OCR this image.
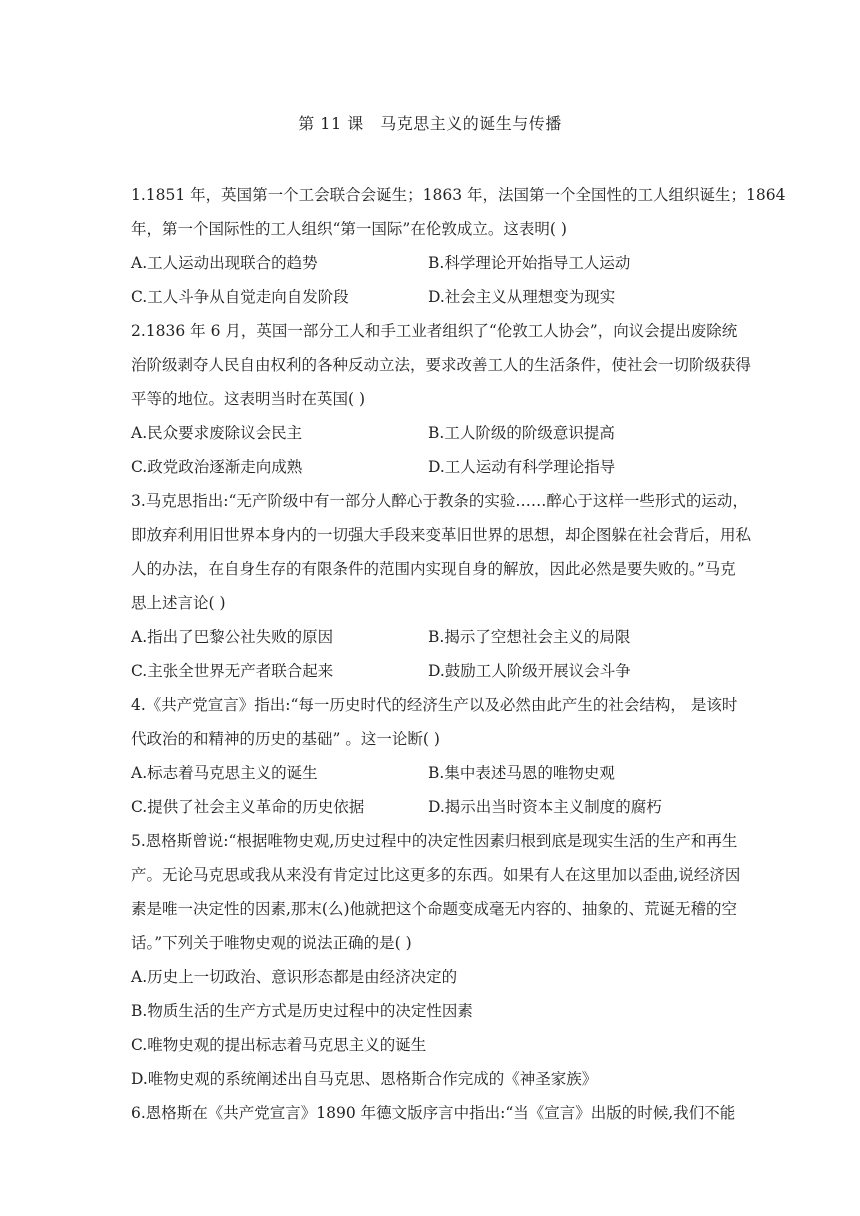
第 11 课　马克思主义的诞生与传播
1.1851 年，英国第一个工会联合会诞生；1863 年，法国第一个全国性的工人组织诞生；1864
年，第一个国际性的工人组织“第一国际”在伦敦成立。这表明( )
A.工人运动出现联合的趋势	B.科学理论开始指导工人运动
C.工人斗争从自觉走向自发阶段	D.社会主义从理想变为现实
2.1836 年 6 月，英国一部分工人和手工业者组织了“伦敦工人协会”，向议会提出废除统
治阶级剥夺人民自由权利的各种反动立法，要求改善工人的生活条件，使社会一切阶级获得
平等的地位。这表明当时在英国( )
A.民众要求废除议会民主	B.工人阶级的阶级意识提高
C.政党政治逐渐走向成熟	D.工人运动有科学理论指导
3.马克思指出:“无产阶级中有一部分人醉心于教条的实验……醉心于这样一些形式的运动，
即放弃利用旧世界本身内的一切强大手段来变革旧世界的思想，却企图躲在社会背后，用私
人的办法，在自身生存的有限条件的范围内实现自身的解放，因此必然是要失败的。”马克
思上述言论( )
A.指出了巴黎公社失败的原因	B.揭示了空想社会主义的局限
C.主张全世界无产者联合起来	D.鼓励工人阶级开展议会斗争
4.《共产党宣言》指出:“每一历史时代的经济生产以及必然由此产生的社会结构， 是该时
代政治的和精神的历史的基础” 。这一论断( )
A.标志着马克思主义的诞生	B.集中表述马恩的唯物史观
C.提供了社会主义革命的历史依据	D.揭示出当时资本主义制度的腐朽
5.恩格斯曾说:“根据唯物史观,历史过程中的决定性因素归根到底是现实生活的生产和再生
产。无论马克思或我从来没有肯定过比这更多的东西。如果有人在这里加以歪曲,说经济因
素是唯一决定性的因素,那末(么)他就把这个命题变成毫无内容的、抽象的、荒诞无稽的空
话。”下列关于唯物史观的说法正确的是( )
A.历史上一切政治、意识形态都是由经济决定的
B.物质生活的生产方式是历史过程中的决定性因素
C.唯物史观的提出标志着马克思主义的诞生
D.唯物史观的系统阐述出自马克思、恩格斯合作完成的《神圣家族》
6.恩格斯在《共产党宣言》1890 年德文版序言中指出:“当《宣言》出版的时候,我们不能
